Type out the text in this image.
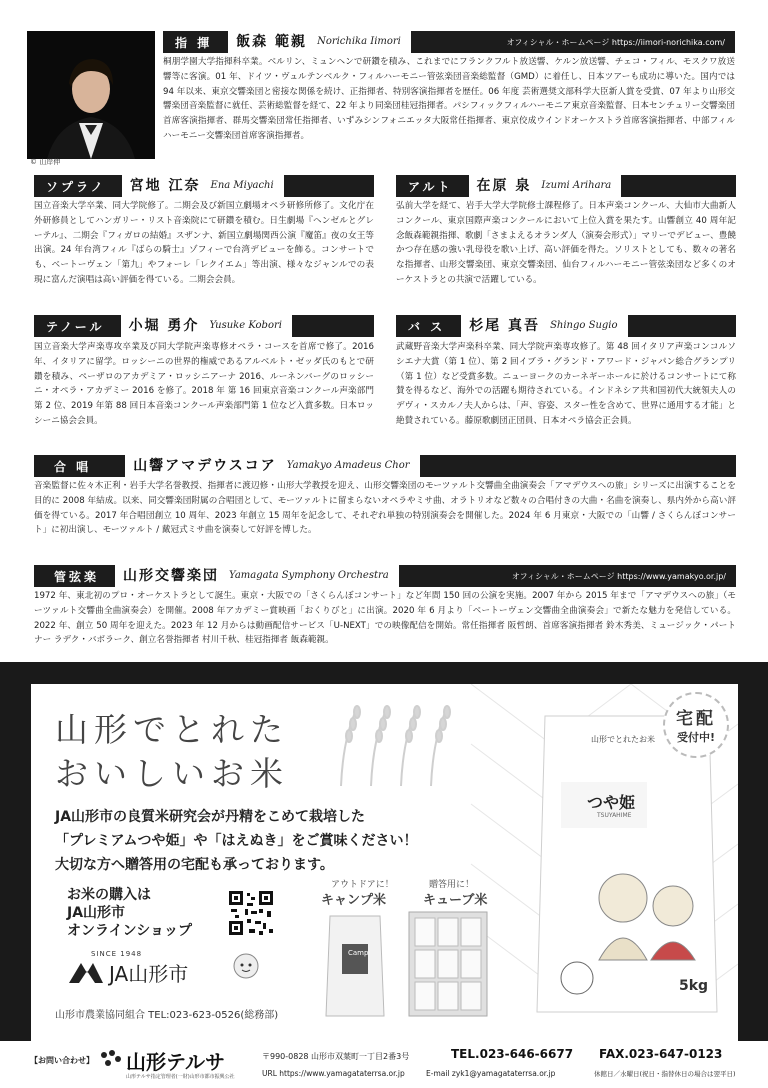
© 山岸伸
指 揮	飯森 範親	Norichika Iimori	オフィシャル・ホームページ https://iimori-norichika.com/
桐朋学園大学指揮科卒業。ベルリン、ミュンヘンで研鑽を積み、これまでにフランクフルト放送響、ケルン放送響、チェコ・フィル、モスクワ放送響等に客演。01 年、ドイツ・ヴュルテンベルク・フィルハーモニー管弦楽団音楽総監督（GMD）に着任し、日本ツアーも成功に導いた。国内では 94 年以来、東京交響楽団と密接な関係を続け、正指揮者、特別客演指揮者を歴任。06 年度 芸術選奨文部科学大臣新人賞を受賞、07 年より山形交響楽団音楽監督に就任、芸術総監督を経て、22 年より同楽団桂冠指揮者。パシフィックフィルハーモニア東京音楽監督、日本センチュリー交響楽団首席客演指揮者、群馬交響楽団常任指揮者、いずみシンフォニエッタ大阪常任指揮者、東京佼成ウインドオーケストラ首席客演指揮者、中部フィルハーモニー交響楽団首席客演指揮者。
ソプラノ	宮地 江奈	Ena Miyachi
国立音楽大学卒業、同大学院修了。二期会及び新国立劇場オペラ研修所修了。文化庁在外研修員としてハンガリー・リスト音楽院にて研鑽を積む。日生劇場『ヘンゼルとグレーテル』、二期会『フィガロの結婚』スザンナ、新国立劇場関西公演『魔笛』夜の女王等出演。24 年台湾フィル『ばらの騎士』ゾフィーで台湾デビューを飾る。コンサートでも、ベートーヴェン「第九」やフォーレ「レクイエム」等出演、様々なジャンルでの表現に富んだ演唱は高い評価を得ている。二期会会員。
アルト	在原 泉	Izumi Arihara
弘前大学を経て、岩手大学大学院修士課程修了。日本声楽コンクール、大仙市大曲新人コンクール、東京国際声楽コンクールにおいて上位入賞を果たす。山響創立 40 周年記念飯森範親指揮、歌劇「さまよえるオランダ人（演奏会形式）」マリーでデビュー、豊饒かつ存在感の強い乳母役を歌い上げ、高い評価を得た。ソリストとしても、数々の著名な指揮者、山形交響楽団、東京交響楽団、仙台フィルハーモニー管弦楽団など多くのオーケストラとの共演で活躍している。
テノール	小堀 勇介	Yusuke Kobori
国立音楽大学声楽専攻卒業及び同大学院声楽専修オペラ・コースを首席で修了。2016 年、イタリアに留学。ロッシーニの世界的権威であるアルベルト・ゼッダ氏のもとで研鑽を積み、ペーザロのアカデミア・ロッシニアーナ 2016、ルーネンバーグのロッシーニ・オペラ・アカデミー 2016 を修了。2018 年 第 16 回東京音楽コンクール声楽部門第 2 位、2019 年第 88 回日本音楽コンクール声楽部門第 1 位など入賞多数。日本ロッシーニ協会会員。
バ ス	杉尾 真吾	Shingo Sugio
武蔵野音楽大学声楽科卒業、同大学院声楽専攻修了。第 48 回イタリア声楽コンコルソシエナ大賞（第 1 位）、第 2 回イブラ・グランド・アワード・ジャパン総合グランプリ（第 1 位）など受賞多数。ニューヨークのカーネギーホールに於けるコンサートにて称賛を得るなど、海外での活躍も期待されている。インドネシア共和国初代大統領夫人のデヴィ・スカルノ夫人からは、「声、容姿、スター性を含めて、世界に通用する才能」と絶賛されている。藤原歌劇団正団員、日本オペラ協会正会員。
合 唱	山響アマデウスコア	Yamakyo Amadeus Chor
音楽監督に佐々木正利・岩手大学名誉教授、指揮者に渡辺修・山形大学教授を迎え、山形交響楽団のモーツァルト交響曲全曲演奏会「アマデウスへの旅」シリーズに出演することを目的に 2008 年結成。以来、同交響楽団附属の合唱団として、モーツァルトに留まらないオペラやミサ曲、オラトリオなど数々の合唱付きの大曲・名曲を演奏し、県内外から高い評価を得ている。2017 年合唱団創立 10 周年、2023 年創立 15 周年を記念して、それぞれ単独の特別演奏会を開催した。2024 年 6 月東京・大阪での「山響 / さくらんぼコンサート」に初出演し、モーツァルト / 戴冠式ミサ曲を演奏して好評を博した。
管弦楽	山形交響楽団	Yamagata Symphony Orchestra	オフィシャル・ホームページ https://www.yamakyo.or.jp/
1972 年、東北初のプロ・オーケストラとして誕生。東京・大阪での「さくらんぼコンサート」など年間 150 回の公演を実施。2007 年から 2015 年まで「アマデウスへの旅」（モーツァルト交響曲全曲演奏会）を開催。2008 年アカデミー賞映画「おくりびと」に出演。2020 年 6 月より「ベートーヴェン交響曲全曲演奏会」で新たな魅力を発信している。2022 年、創立 50 周年を迎えた。2023 年 12 月からは動画配信サービス「U-NEXT」での映像配信を開始。常任指揮者 阪哲朗、首席客演指揮者 鈴木秀美、ミュージック・パートナー ラデク・バボラーク、創立名誉指揮者 村川千秋、桂冠指揮者 飯森範親。
山形でとれた
おいしいお米
JA山形市の良質米研究会が丹精をこめて栽培した
「プレミアムつや姫」や「はえぬき」をご賞味ください！
大切な方へ贈答用の宅配も承っております。
お米の購入は
JA山形市
オンラインショップ
SINCE 1948
JA山形市
山形市農業協同組合 TEL:023-623-0526(総務部)
アウトドアに！
キャンプ米
Camp
贈答用に！
キューブ米
山形でとれたお米
つや姫
TSUYAHIME
5kg
宅配
受付中!
【お問い合わせ】 山形テルサ
山形テルサ指定管理者(一財)山形市都市振興公社
〒990-0828 山形市双葉町一丁目2番3号	TEL.023-646-6677 FAX.023-647-0123
URL https://www.yamagataterrsa.or.jp	E-mail zyk1@yamagataterrsa.or.jp	休館日／水曜日(祝日・指替休日の場合は翌平日)
